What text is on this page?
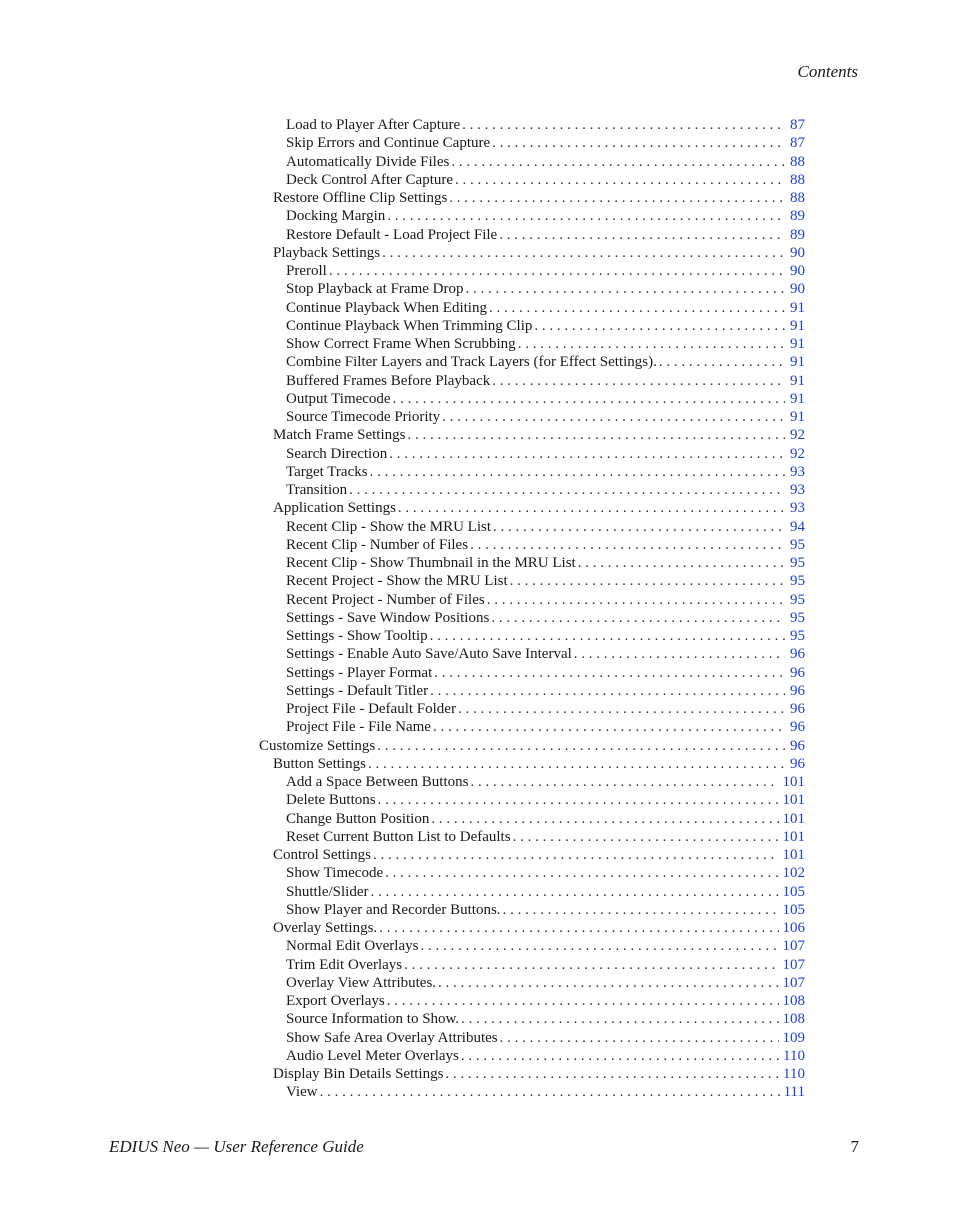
Contents
Load to Player After Capture . . .	87
Skip Errors and Continue Capture . . .	87
Automatically Divide Files . . .	88
Deck Control After Capture . . .	88
Restore Offline Clip Settings . . .	88
Docking Margin . . .	89
Restore Default - Load Project File . . .	89
Playback Settings . . .	90
Preroll . . .	90
Stop Playback at Frame Drop . . .	90
Continue Playback When Editing . . .	91
Continue Playback When Trimming Clip . . .	91
Show Correct Frame When Scrubbing . . .	91
Combine Filter Layers and Track Layers (for Effect Settings). . . .	91
Buffered Frames Before Playback . . .	91
Output Timecode . . .	91
Source Timecode Priority . . .	91
Match Frame Settings . . .	92
Search Direction . . .	92
Target Tracks . . .	93
Transition . . .	93
Application Settings . . .	93
Recent Clip - Show the MRU List . . .	94
Recent Clip - Number of Files . . .	95
Recent Clip - Show Thumbnail in the MRU List . . .	95
Recent Project - Show the MRU List . . .	95
Recent Project - Number of Files . . .	95
Settings - Save Window Positions . . .	95
Settings - Show Tooltip . . .	95
Settings - Enable Auto Save/Auto Save Interval . . .	96
Settings - Player Format . . .	96
Settings - Default Titler . . .	96
Project File - Default Folder . . .	96
Project File - File Name . . .	96
Customize Settings . . .	96
Button Settings . . .	96
Add a Space Between Buttons . . .	101
Delete Buttons . . .	101
Change Button Position . . .	101
Reset Current Button List to Defaults . . .	101
Control Settings . . .	101
Show Timecode . . .	102
Shuttle/Slider . . .	105
Show Player and Recorder Buttons. . . .	105
Overlay Settings. . . .	106
Normal Edit Overlays . . .	107
Trim Edit Overlays . . .	107
Overlay View Attributes. . . .	107
Export Overlays . . .	108
Source Information to Show. . . .	108
Show Safe Area Overlay Attributes . . .	109
Audio Level Meter Overlays . . .	110
Display Bin Details Settings . . .	110
View . . .	111
EDIUS Neo — User Reference Guide	7
